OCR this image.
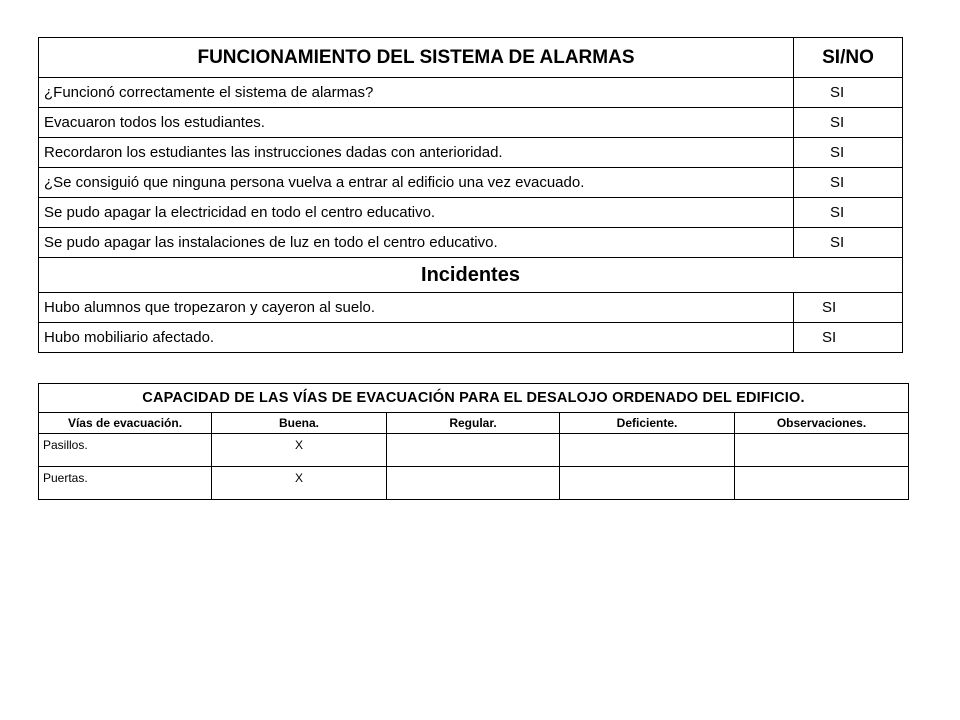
FUNCIONAMIENTO DEL SISTEMA DE ALARMAS	SI/NO
¿Funcionó correctamente el sistema de alarmas?	SI
Evacuaron todos los estudiantes.	SI
Recordaron los estudiantes las instrucciones dadas con anterioridad.	SI
¿Se consiguió que ninguna persona vuelva a entrar al edificio una vez evacuado.	SI
Se pudo apagar la electricidad en todo el centro educativo.	SI
Se pudo apagar las instalaciones de luz en todo el centro educativo.	SI
Incidentes	
Hubo alumnos que tropezaron y cayeron al suelo.	SI
Hubo mobiliario afectado.	SI
CAPACIDAD DE LAS VÍAS DE EVACUACIÓN PARA EL DESALOJO ORDENADO DEL EDIFICIO.				
Vías de evacuación.	Buena.	Regular.	Deficiente.	Observaciones.
Pasillos.	X			
Puertas.	X			
